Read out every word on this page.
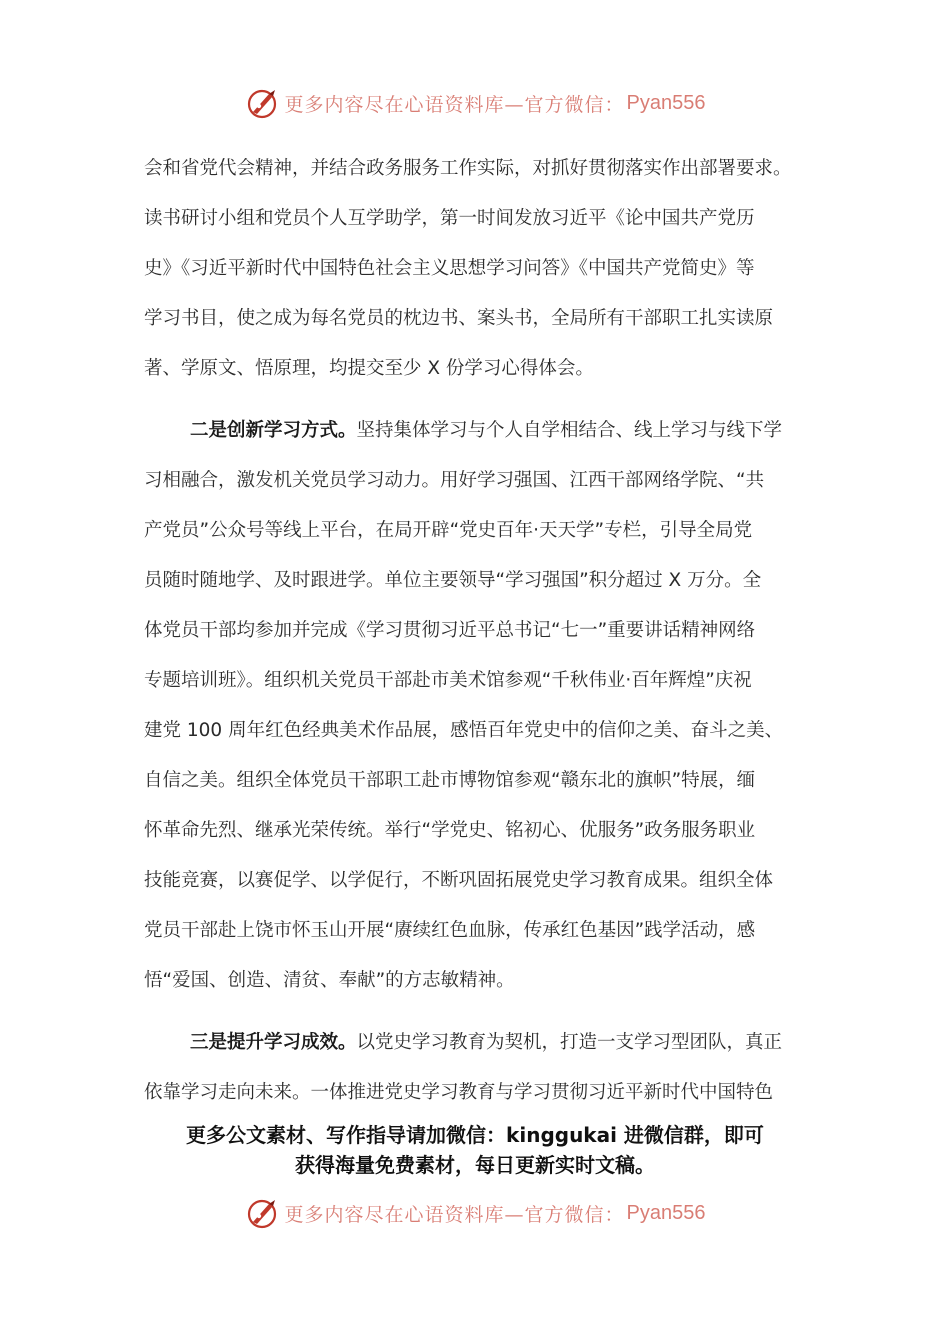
更多内容尽在心语资料库—官方微信： Pyan556
会和省党代会精神，并结合政务服务工作实际，对抓好贯彻落实作出部署要求。
读书研讨小组和党员个人互学助学，第一时间发放习近平《论中国共产党历
史》《习近平新时代中国特色社会主义思想学习问答》《中国共产党简史》等
学习书目，使之成为每名党员的枕边书、案头书，全局所有干部职工扎实读原
著、学原文、悟原理，均提交至少 X 份学习心得体会。
二是创新学习方式。坚持集体学习与个人自学相结合、线上学习与线下学
习相融合，激发机关党员学习动力。用好学习强国、江西干部网络学院、“共
产党员”公众号等线上平台，在局开辟“党史百年·天天学”专栏，引导全局党
员随时随地学、及时跟进学。单位主要领导“学习强国”积分超过 X 万分。全
体党员干部均参加并完成《学习贯彻习近平总书记“七一”重要讲话精神网络
专题培训班》。组织机关党员干部赴市美术馆参观“千秋伟业·百年辉煌”庆祝
建党 100 周年红色经典美术作品展，感悟百年党史中的信仰之美、奋斗之美、
自信之美。组织全体党员干部职工赴市博物馆参观“赣东北的旗帜”特展，缅
怀革命先烈、继承光荣传统。举行“学党史、铭初心、优服务”政务服务职业
技能竞赛，以赛促学、以学促行，不断巩固拓展党史学习教育成果。组织全体
党员干部赴上饶市怀玉山开展“赓续红色血脉，传承红色基因”践学活动，感
悟“爱国、创造、清贫、奉献”的方志敏精神。
三是提升学习成效。以党史学习教育为契机，打造一支学习型团队，真正
依靠学习走向未来。一体推进党史学习教育与学习贯彻习近平新时代中国特色
更多公文素材、写作指导请加微信：kinggukai 进微信群，即可
获得海量免费素材，每日更新实时文稿。
更多内容尽在心语资料库—官方微信： Pyan556
